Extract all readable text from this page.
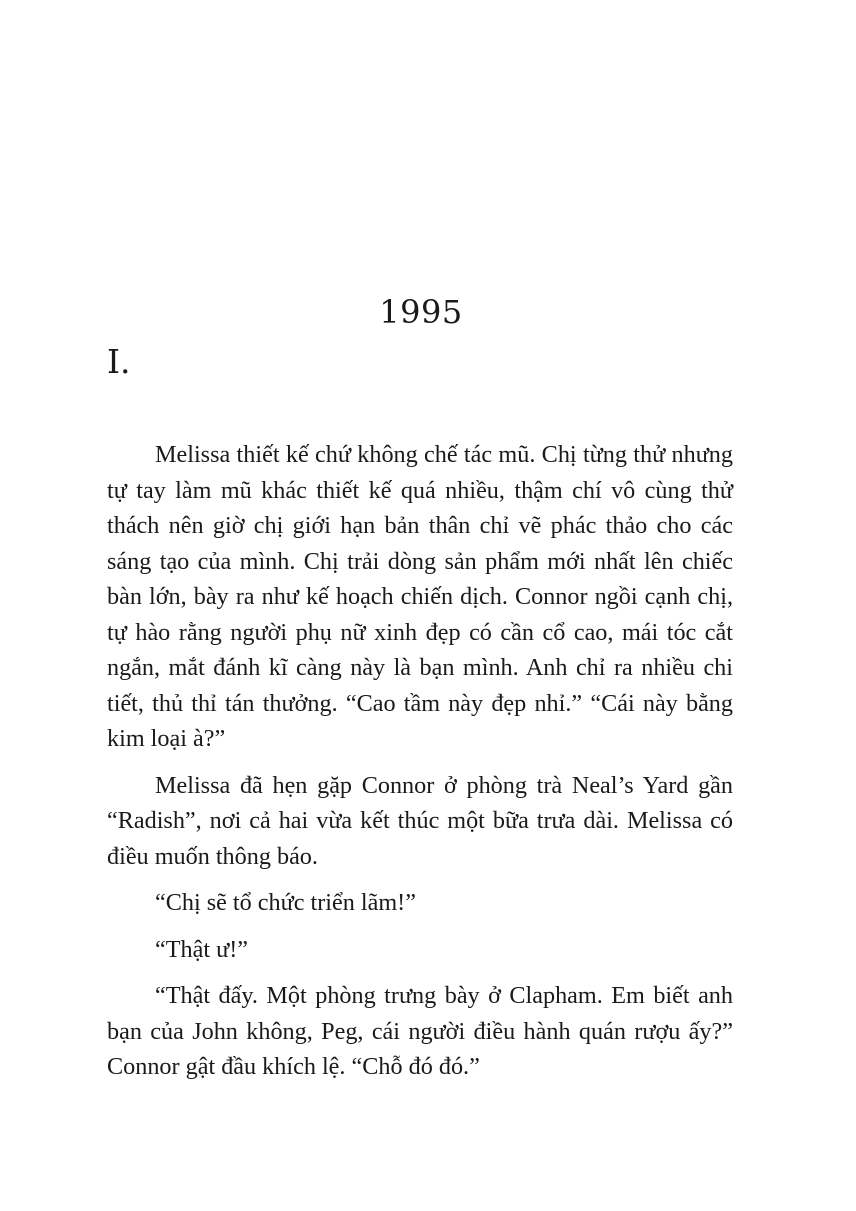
1995
I.

Melissa thiết kế chứ không chế tác mũ. Chị từng thử nhưng tự tay làm mũ khác thiết kế quá nhiều, thậm chí vô cùng thử thách nên giờ chị giới hạn bản thân chỉ vẽ phác thảo cho các sáng tạo của mình. Chị trải dòng sản phẩm mới nhất lên chiếc bàn lớn, bày ra như kế hoạch chiến dịch. Connor ngồi cạnh chị, tự hào rằng người phụ nữ xinh đẹp có cần cổ cao, mái tóc cắt ngắn, mắt đánh kĩ càng này là bạn mình. Anh chỉ ra nhiều chi tiết, thủ thỉ tán thưởng. “Cao tầm này đẹp nhỉ.” “Cái này bằng kim loại à?”

Melissa đã hẹn gặp Connor ở phòng trà Neal’s Yard gần “Radish”, nơi cả hai vừa kết thúc một bữa trưa dài. Melissa có điều muốn thông báo.

“Chị sẽ tổ chức triển lãm!”

“Thật ư!”

“Thật đấy. Một phòng trưng bày ở Clapham. Em biết anh bạn của John không, Peg, cái người điều hành quán rượu ấy?” Connor gật đầu khích lệ. “Chỗ đó đó.”
